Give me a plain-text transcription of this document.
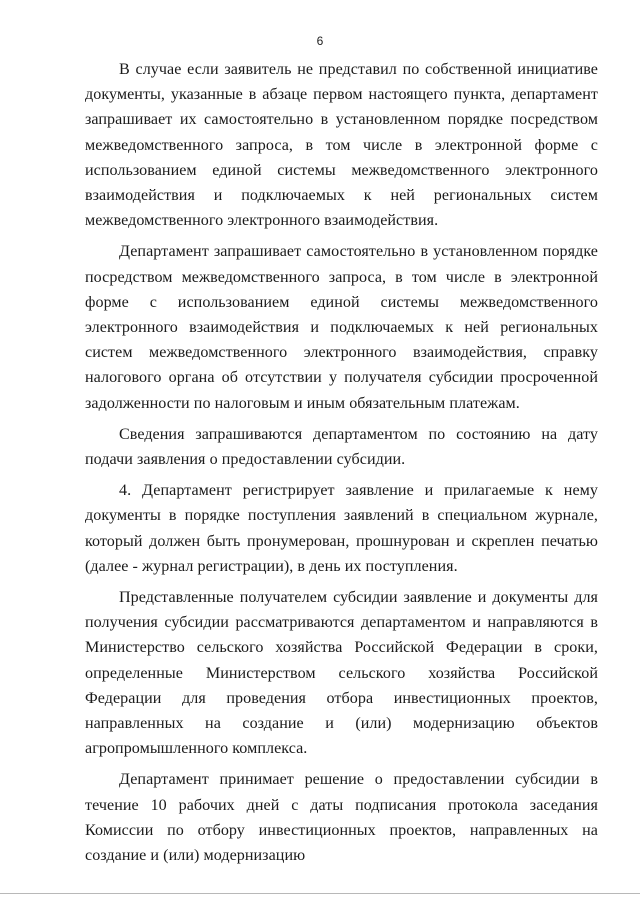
6

В случае если заявитель не представил по собственной инициативе документы, указанные в абзаце первом настоящего пункта, департамент запрашивает их самостоятельно в установленном порядке посредством межведомственного запроса, в том числе в электронной форме с использованием единой системы межведомственного электронного взаимодействия и подключаемых к ней региональных систем межведомственного электронного взаимодействия.

Департамент запрашивает самостоятельно в установленном порядке посредством межведомственного запроса, в том числе в электронной форме с использованием единой системы межведомственного электронного взаимодействия и подключаемых к ней региональных систем межведомственного электронного взаимодействия, справку налогового органа об отсутствии у получателя субсидии просроченной задолженности по налоговым и иным обязательным платежам.

Сведения запрашиваются департаментом по состоянию на дату подачи заявления о предоставлении субсидии.

4. Департамент регистрирует заявление и прилагаемые к нему документы в порядке поступления заявлений в специальном журнале, который должен быть пронумерован, прошнурован и скреплен печатью (далее - журнал регистрации), в день их поступления.

Представленные получателем субсидии заявление и документы для получения субсидии рассматриваются департаментом и направляются в Министерство сельского хозяйства Российской Федерации в сроки, определенные Министерством сельского хозяйства Российской Федерации для проведения отбора инвестиционных проектов, направленных на создание и (или) модернизацию объектов агропромышленного комплекса.

Департамент принимает решение о предоставлении субсидии в течение 10 рабочих дней с даты подписания протокола заседания Комиссии по отбору инвестиционных проектов, направленных на создание и (или) модернизацию
